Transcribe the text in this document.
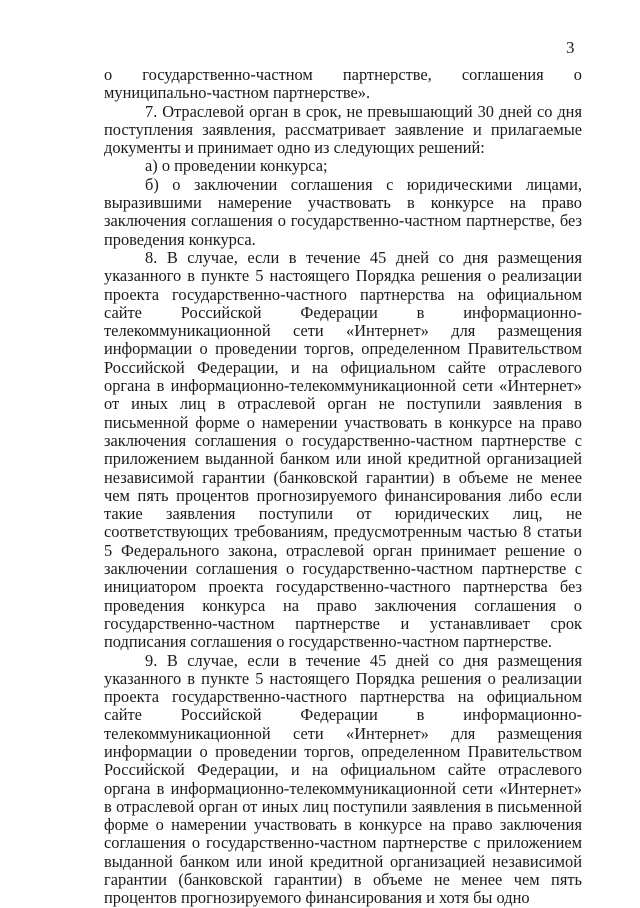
3

о государственно-частном партнерстве, соглашения о муниципально-частном партнерстве».

7. Отраслевой орган в срок, не превышающий 30 дней со дня поступления заявления, рассматривает заявление и прилагаемые документы и принимает одно из следующих решений:

а) о проведении конкурса;

б) о заключении соглашения с юридическими лицами, выразившими намерение участвовать в конкурсе на право заключения соглашения о государственно-частном партнерстве, без проведения конкурса.

8. В случае, если в течение 45 дней со дня размещения указанного в пункте 5 настоящего Порядка решения о реализации проекта государственно-частного партнерства на официальном сайте Российской Федерации в информационно-телекоммуникационной сети «Интернет» для размещения информации о проведении торгов, определенном Правительством Российской Федерации, и на официальном сайте отраслевого органа в информационно-телекоммуникационной сети «Интернет» от иных лиц в отраслевой орган не поступили заявления в письменной форме о намерении участвовать в конкурсе на право заключения соглашения о государственно-частном партнерстве с приложением выданной банком или иной кредитной организацией независимой гарантии (банковской гарантии) в объеме не менее чем пять процентов прогнозируемого финансирования либо если такие заявления поступили от юридических лиц, не соответствующих требованиям, предусмотренным частью 8 статьи 5 Федерального закона, отраслевой орган принимает решение о заключении соглашения о государственно-частном партнерстве с инициатором проекта государственно-частного партнерства без проведения конкурса на право заключения соглашения о государственно-частном партнерстве и устанавливает срок подписания соглашения о государственно-частном партнерстве.

9. В случае, если в течение 45 дней со дня размещения указанного в пункте 5 настоящего Порядка решения о реализации проекта государственно-частного партнерства на официальном сайте Российской Федерации в информационно-телекоммуникационной сети «Интернет» для размещения информации о проведении торгов, определенном Правительством Российской Федерации, и на официальном сайте отраслевого органа в информационно-телекоммуникационной сети «Интернет» в отраслевой орган от иных лиц поступили заявления в письменной форме о намерении участвовать в конкурсе на право заключения соглашения о государственно-частном партнерстве с приложением выданной банком или иной кредитной организацией независимой гарантии (банковской гарантии) в объеме не менее чем пять процентов прогнозируемого финансирования и хотя бы одно
